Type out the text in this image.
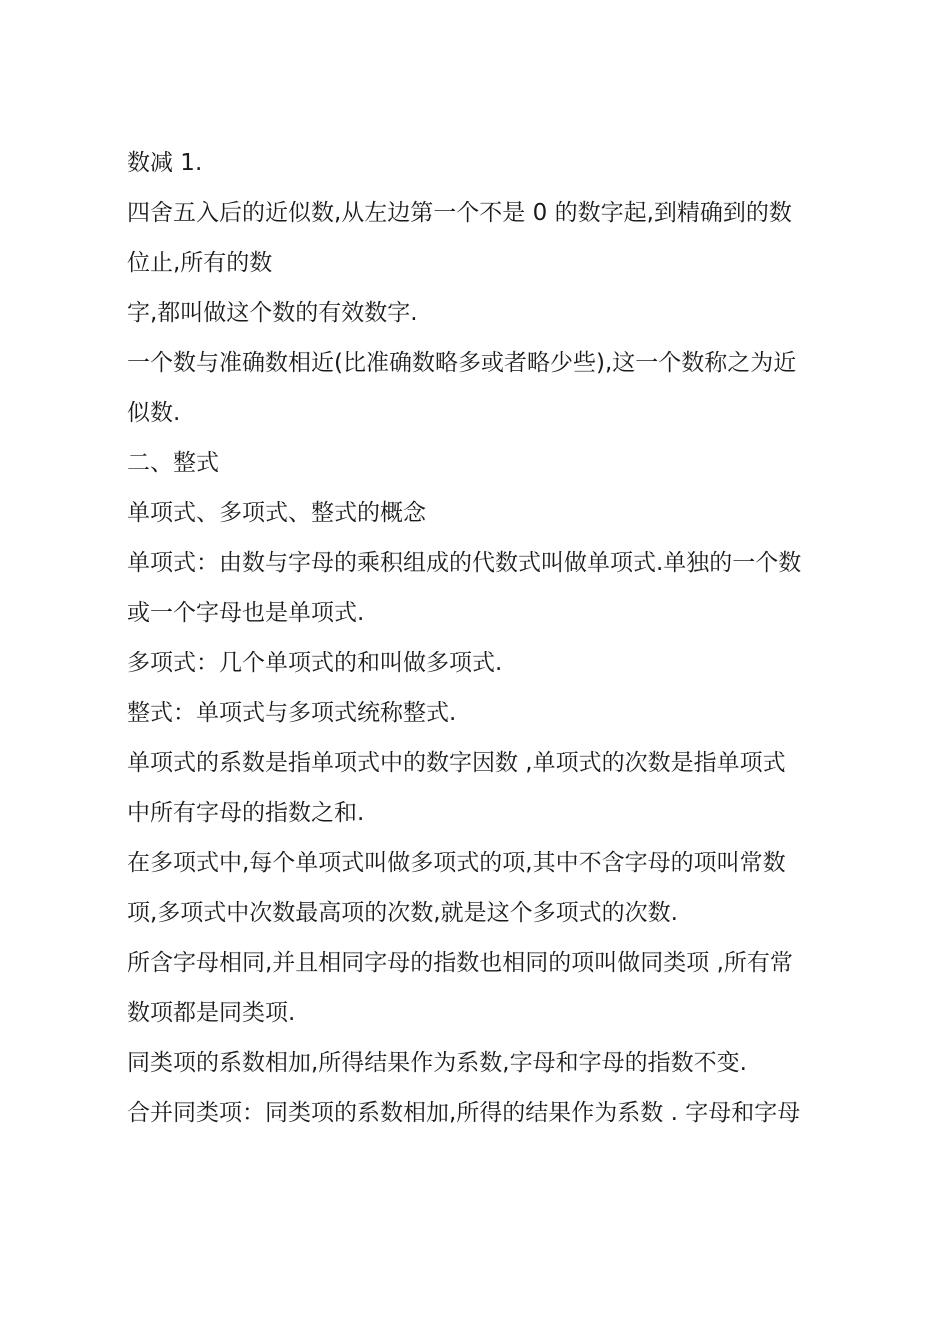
数减 1.
四舍五入后的近似数,从左边第一个不是 0 的数字起,到精确到的数
位止,所有的数
字,都叫做这个数的有效数字.
一个数与准确数相近(比准确数略多或者略少些),这一个数称之为近
似数.
二、整式
单项式、多项式、整式的概念
单项式：由数与字母的乘积组成的代数式叫做单项式.单独的一个数
或一个字母也是单项式.
多项式：几个单项式的和叫做多项式.
整式：单项式与多项式统称整式.
单项式的系数是指单项式中的数字因数 ,单项式的次数是指单项式
中所有字母的指数之和.
在多项式中,每个单项式叫做多项式的项,其中不含字母的项叫常数
项,多项式中次数最高项的次数,就是这个多项式的次数.
所含字母相同,并且相同字母的指数也相同的项叫做同类项 ,所有常
数项都是同类项.
同类项的系数相加,所得结果作为系数,字母和字母的指数不变.
合并同类项：同类项的系数相加,所得的结果作为系数 . 字母和字母
